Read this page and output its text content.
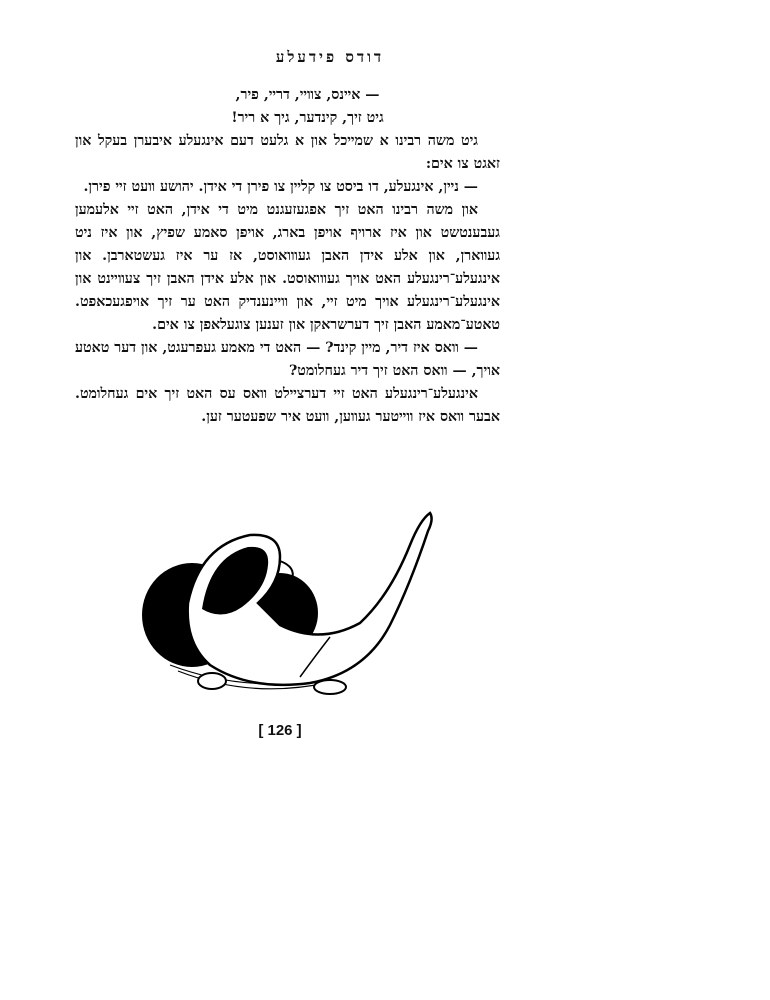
דודס פידעלע

— אײנס, צװײ, דרײ, פיר,

גיט זיך, קינדער, גיך א ריר!

גיט משה רבינו א שמײכל און א גלעט דעם אינגעלע איבערן בעקל און זאגט צו אים:

— נײן, אינגעלע, דו ביסט צו קלײן צו פירן די אידן. יהושע װעט זײ פירן.

און משה רבינו האט זיך אפגעזעגנט מיט די אידן, האט זײ אלעמען געבענטשט און איז ארויף אויפן בארג, אויפן סאמע שפיץ, און איז ניט געװארן, און אלע אידן האבן געװואוסט, אז ער איז געשטארבן. און אינגעלע־רינגעלע האט אויך געװואוסט. און אלע אידן האבן זיך צעװײנט און אינגעלע־רינגעלע אויך מיט זײ, און װײנענדיק האט ער זיך אויפגעכאפט. טאטע־מאמע האבן זיך דערשראקן און זענען צוגעלאפן צו אים.

— װאס איז דיר, מײן קינד? — האט די מאמע געפרעגט, און דער טאטע אויך, — װאס האט זיך דיר געחלומט?

אינגעלע־רינגעלע האט זײ דערצײלט װאס עס האט זיך אים געחלומט. אבער װאס איז װײטער געװען, װעט איר שפעטער זען.

[ 126 ]
